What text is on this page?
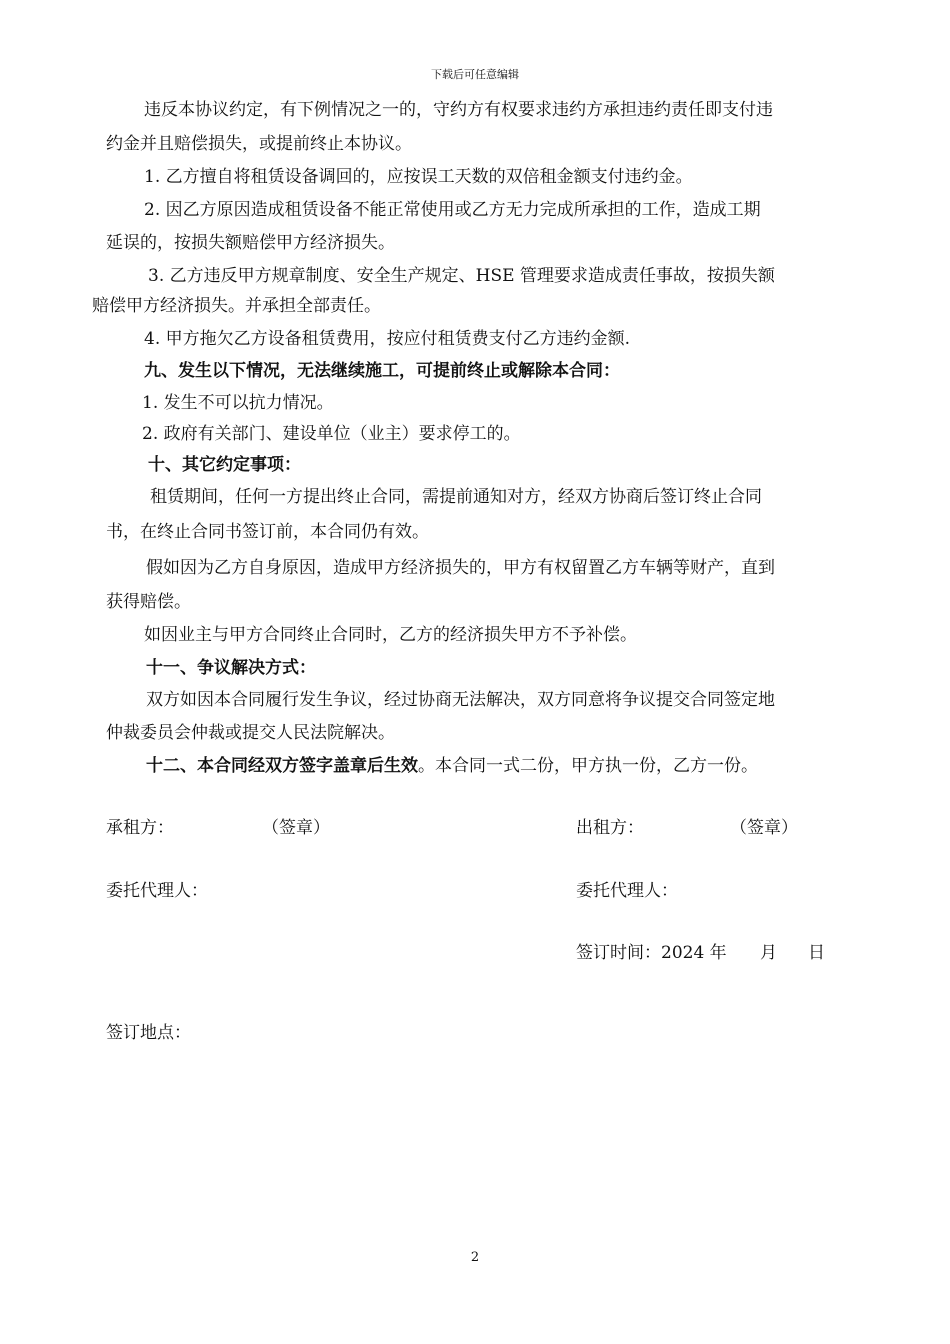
下载后可任意编辑
违反本协议约定，有下例情况之一的，守约方有权要求违约方承担违约责任即支付违
约金并且赔偿损失，或提前终止本协议。
1. 乙方擅自将租赁设备调回的，应按误工天数的双倍租金额支付违约金。
2. 因乙方原因造成租赁设备不能正常使用或乙方无力完成所承担的工作，造成工期
延误的，按损失额赔偿甲方经济损失。
3. 乙方违反甲方规章制度、安全生产规定、HSE 管理要求造成责任事故，按损失额
赔偿甲方经济损失。并承担全部责任。
4. 甲方拖欠乙方设备租赁费用，按应付租赁费支付乙方违约金额.
九、发生以下情况，无法继续施工，可提前终止或解除本合同：
1. 发生不可以抗力情况。
2. 政府有关部门、建设单位（业主）要求停工的。
十、其它约定事项：
租赁期间，任何一方提出终止合同，需提前通知对方，经双方协商后签订终止合同
书，在终止合同书签订前，本合同仍有效。
假如因为乙方自身原因，造成甲方经济损失的，甲方有权留置乙方车辆等财产，直到
获得赔偿。
如因业主与甲方合同终止合同时，乙方的经济损失甲方不予补偿。
十一、争议解决方式：
双方如因本合同履行发生争议，经过协商无法解决，双方同意将争议提交合同签定地
仲裁委员会仲裁或提交人民法院解决。
十二、本合同经双方签字盖章后生效。本合同一式二份，甲方执一份，乙方一份。
承租方：	（签章）	出租方：	（签章）
委托代理人：	委托代理人：
签订时间：2024 年 月 日
签订地点：
2
